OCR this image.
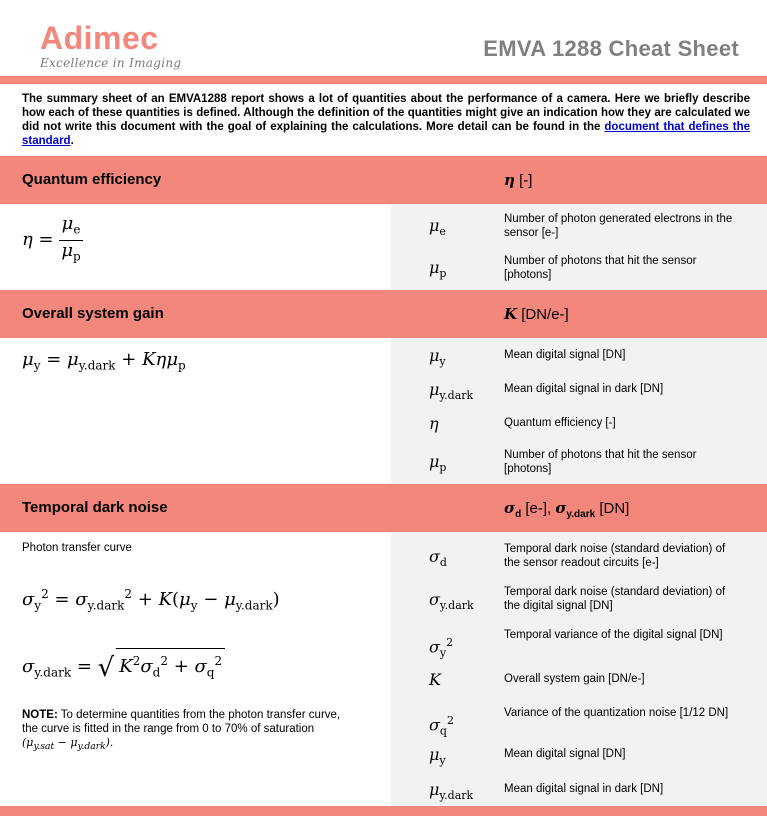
Adimec
Excellence in Imaging
EMVA 1288 Cheat Sheet
The summary sheet of an EMVA1288 report shows a lot of quantities about the performance of a camera. Here we briefly describe how each of these quantities is defined. Although the definition of the quantities might give an indication how they are calculated we did not write this document with the goal of explaining the calculations. More detail can be found in the document that defines the standard.
Quantum efficiency	η [-]
$\eta = \frac{\mu_e}{\mu_p}$	$\mu_e$
Number of photon generated electrons in the sensor [e-]
$\mu_p$
Number of photons that hit the sensor [photons]
Overall system gain	K [DN/e-]
$\mu_y = \mu_{y.dark} + K\eta\mu_p$
$\mu_y$
Mean digital signal [DN]
$\mu_{y.dark}$
Mean digital signal in dark [DN]
η	Quantum efficiency [-]
$\mu_p$
Number of photons that hit the sensor [photons]
Temporal dark noise	$\sigma_d$ [e-], $\sigma_{y.dark}$ [DN]
Photon transfer curve
$\sigma_y^2 = \sigma_{y.dark}^2 + K(\mu_y - \mu_{y.dark})$
$\sigma_{y.dark}$ = √ $K^2\sigma_d^2 + \sigma_q^2$
NOTE: To determine quantities from the photon transfer curve, the curve is fitted in the range from 0 to 70% of saturation $(\mu_{y.sat} - \mu_{y.dark})$.
$\sigma_d$
Temporal dark noise (standard deviation) of the sensor readout circuits [e-]
$\sigma_{y.dark}$
Temporal dark noise (standard deviation) of the digital signal [DN]
$\sigma_y^2$
Temporal variance of the digital signal [DN]
K	Overall system gain [DN/e-]
$\sigma_q^2$
Variance of the quantization noise [1/12 DN]
$\mu_y$
Mean digital signal [DN]
$\mu_{y.dark}$
Mean digital signal in dark [DN]
